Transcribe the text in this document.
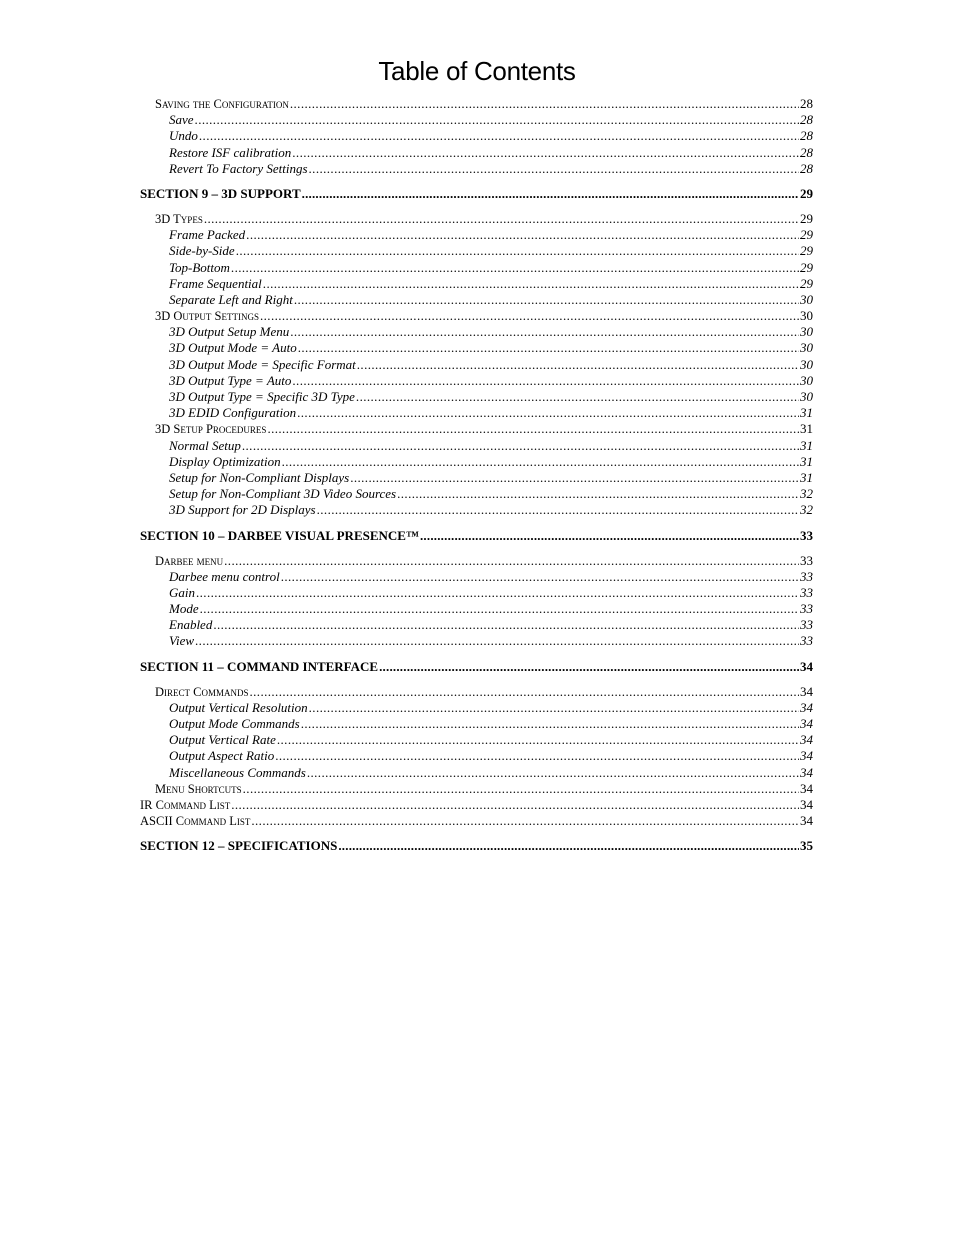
Table of Contents
Saving the Configuration .....	28
Save .....	28
Undo .....	28
Restore ISF calibration .....	28
Revert To Factory Settings .....	28
SECTION 9 – 3D SUPPORT .....	29
3D Types .....	29
Frame Packed .....	29
Side-by-Side .....	29
Top-Bottom .....	29
Frame Sequential .....	29
Separate Left and Right .....	30
3D Output Settings .....	30
3D Output Setup Menu .....	30
3D Output Mode = Auto .....	30
3D Output Mode = Specific Format .....	30
3D Output Type = Auto .....	30
3D Output Type = Specific 3D Type .....	30
3D EDID Configuration .....	31
3D Setup Procedures .....	31
Normal Setup .....	31
Display Optimization .....	31
Setup for Non-Compliant Displays .....	31
Setup for Non-Compliant 3D Video Sources .....	32
3D Support for 2D Displays .....	32
SECTION 10 – DARBEE VISUAL PRESENCE™ .....	33
Darbee menu .....	33
Darbee menu control .....	33
Gain .....	33
Mode .....	33
Enabled .....	33
View .....	33
SECTION 11 – COMMAND INTERFACE .....	34
Direct Commands .....	34
Output Vertical Resolution .....	34
Output Mode Commands .....	34
Output Vertical Rate .....	34
Output Aspect Ratio .....	34
Miscellaneous Commands .....	34
Menu Shortcuts .....	34
IR Command List .....	34
ASCII Command List .....	34
SECTION 12 – SPECIFICATIONS .....	35
